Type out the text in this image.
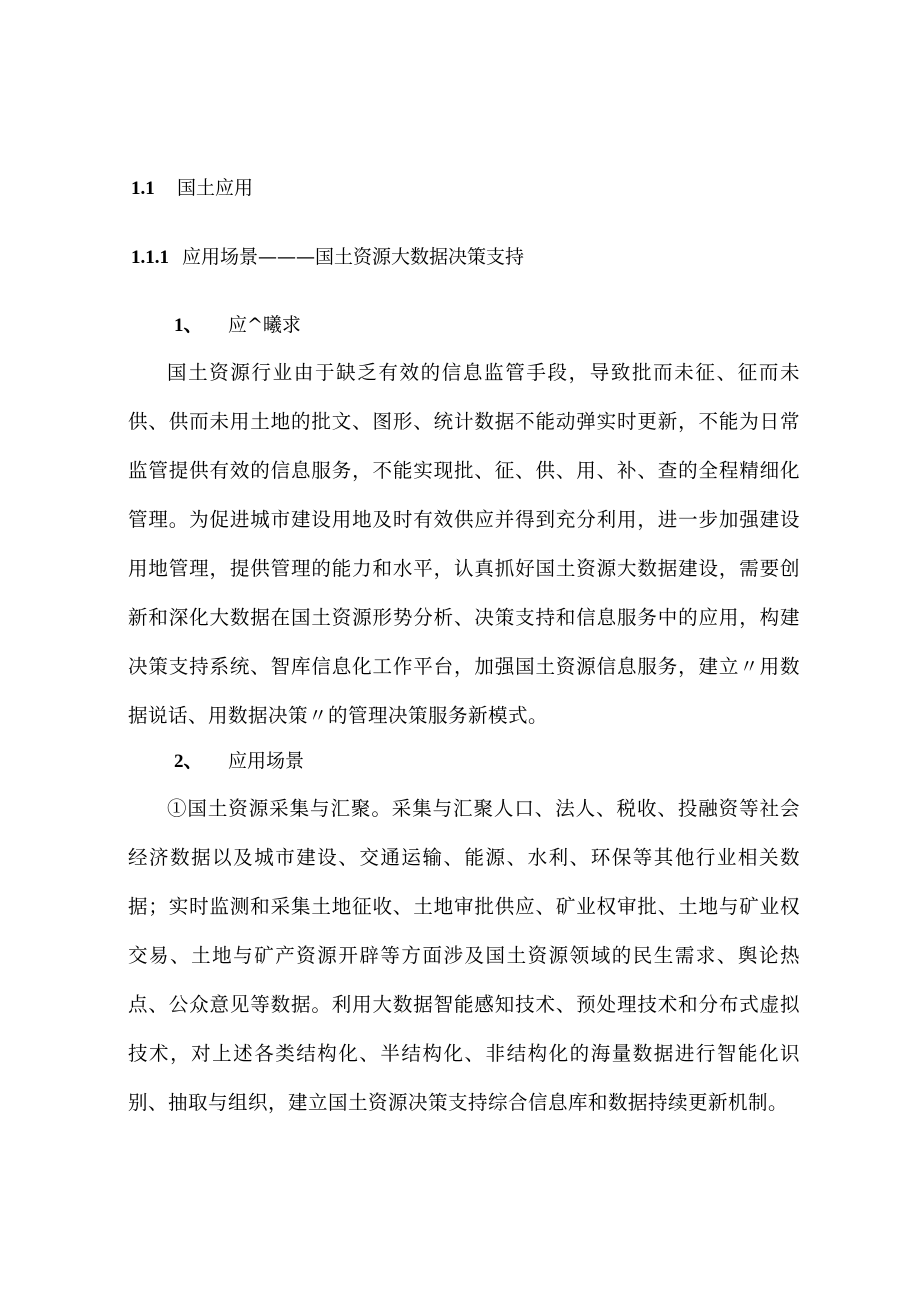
1.1 国土应用
1.1.1 应用场景———国土资源大数据决策支持
1、 应^曦求

国土资源行业由于缺乏有效的信息监管手段，导致批而未征、征而未供、供而未用土地的批文、图形、统计数据不能动弹实时更新，不能为日常监管提供有效的信息服务，不能实现批、征、供、用、补、查的全程精细化管理。为促进城市建设用地及时有效供应并得到充分利用，进一步加强建设用地管理，提供管理的能力和水平，认真抓好国土资源大数据建设，需要创新和深化大数据在国土资源形势分析、决策支持和信息服务中的应用，构建决策支持系统、智库信息化工作平台，加强国土资源信息服务，建立〃用数据说话、用数据决策〃的管理决策服务新模式。

2、 应用场景

①国土资源采集与汇聚。采集与汇聚人口、法人、税收、投融资等社会经济数据以及城市建设、交通运输、能源、水利、环保等其他行业相关数据；实时监测和采集土地征收、土地审批供应、矿业权审批、土地与矿业权交易、土地与矿产资源开辟等方面涉及国土资源领域的民生需求、舆论热点、公众意见等数据。利用大数据智能感知技术、预处理技术和分布式虚拟技术，对上述各类结构化、半结构化、非结构化的海量数据进行智能化识别、抽取与组织，建立国土资源决策支持综合信息库和数据持续更新机制。
